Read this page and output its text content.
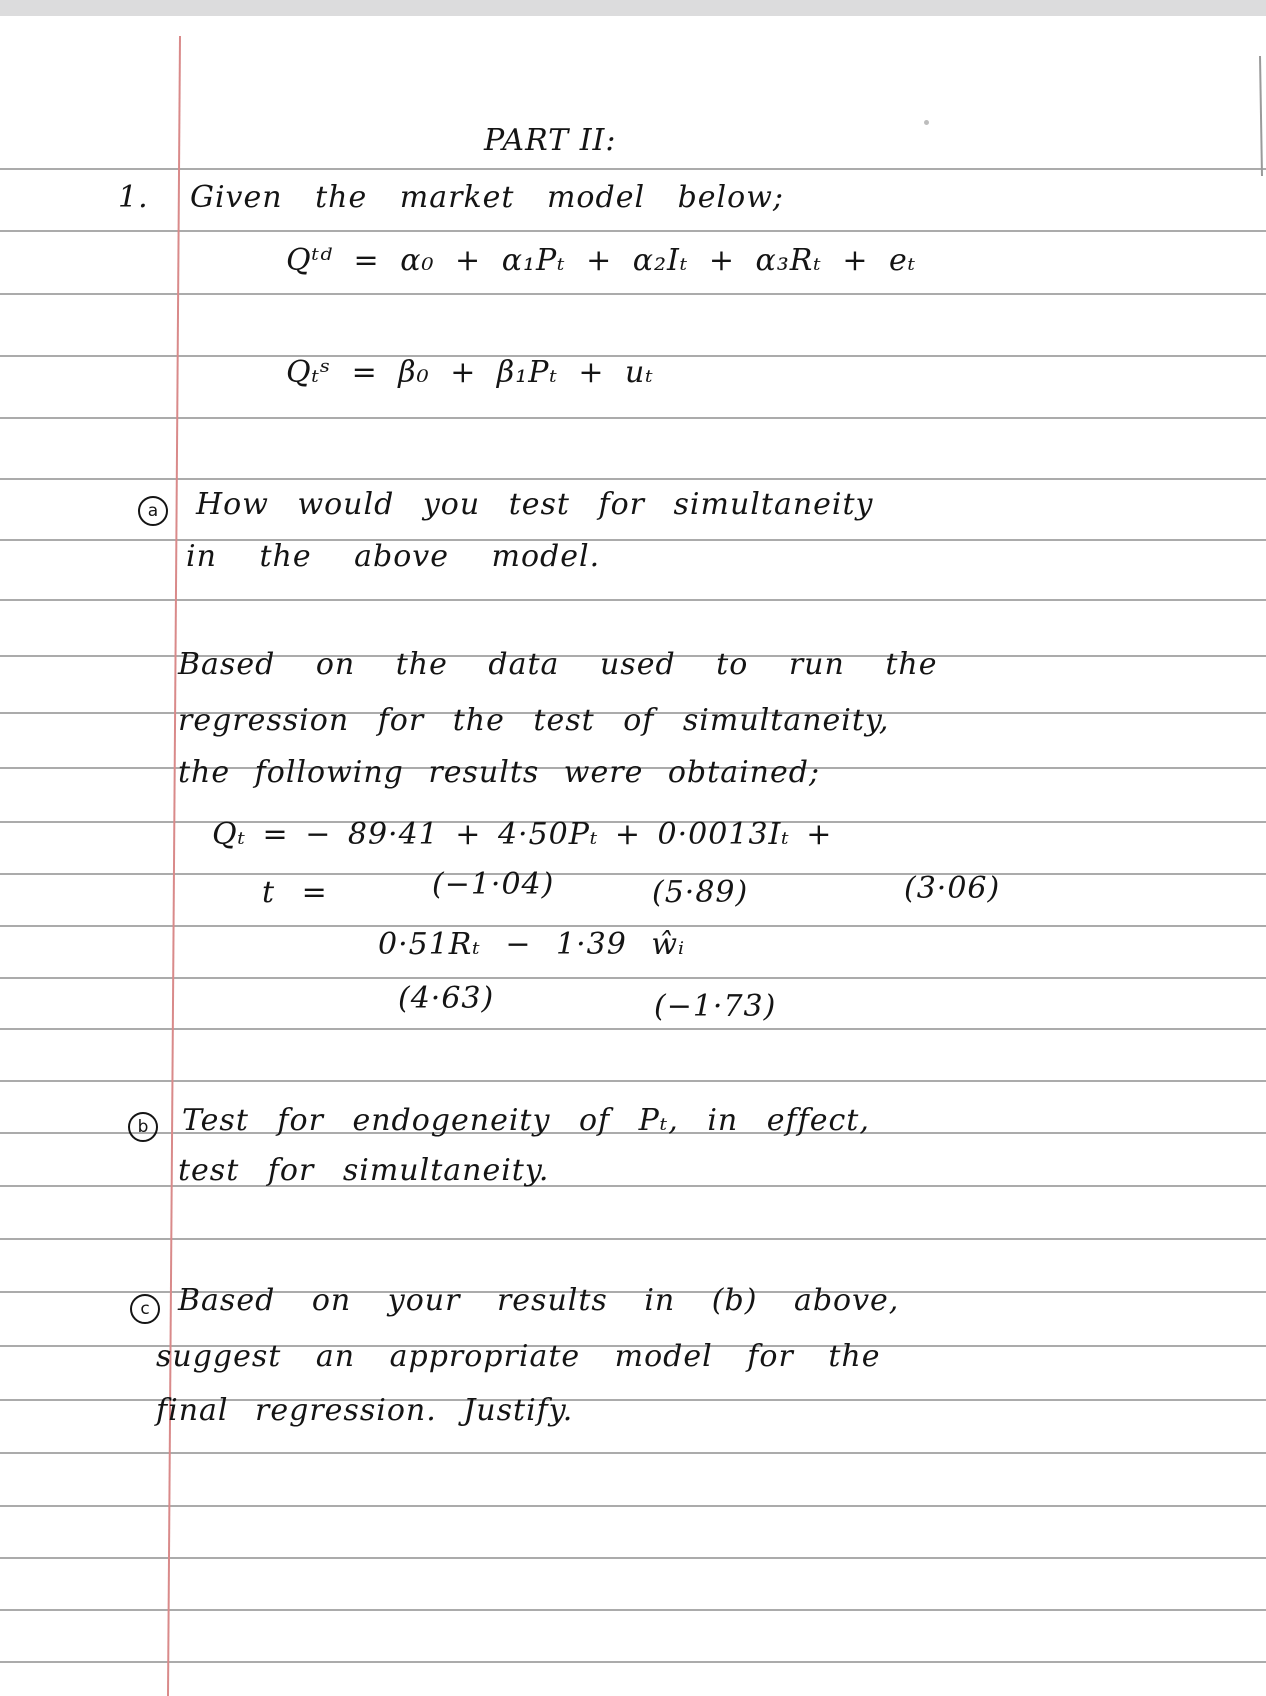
PART II:

1. Given the market model below;

Qᵗᵈ = α₀ + α₁Pₜ + α₂Iₜ + α₃Rₜ + eₜ

Qₜˢ = β₀ + β₁Pₜ + uₜ

a	How would you test for simultaneity

in the above model.

Based on the data used to run the

regression for the test of simultaneity,

the following results were obtained;

Qₜ = − 89·41 + 4·50Pₜ + 0·0013Iₜ +

t =	(−1·04)	(5·89)	(3·06)

0·51Rₜ − 1·39 ŵᵢ

(4·63)	(−1·73)

b	Test for endogeneity of Pₜ, in effect,

test for simultaneity.

c Based on your results in (b) above,

suggest an appropriate model for the

final regression. Justify.
